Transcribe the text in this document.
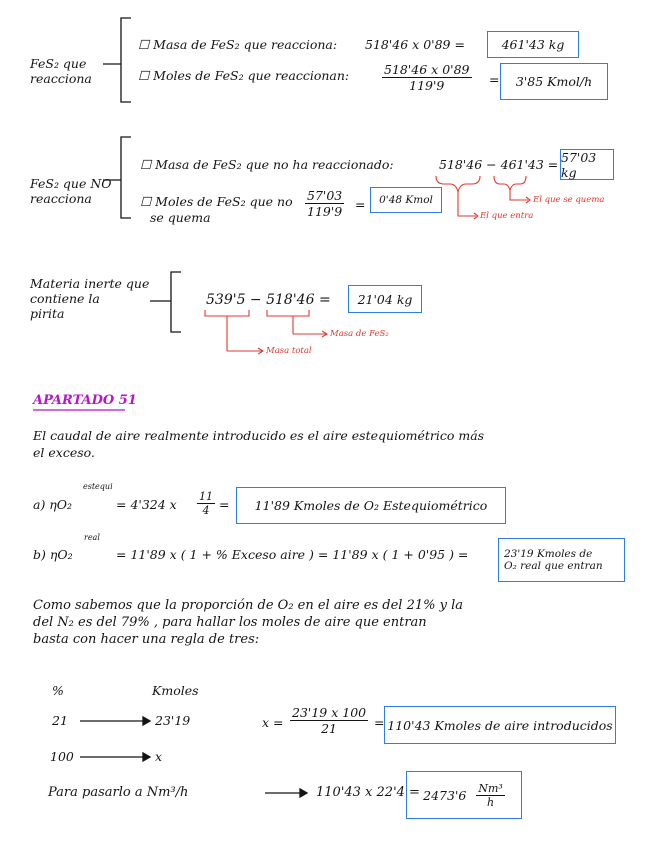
FeS₂ que
reacciona
☐ Masa de FeS₂ que reacciona: 518'46 x 0'89 =	461'43 kg
☐ Moles de FeS₂ que reaccionan:	$\frac{518'46 x 0'89}{119'9}$ =	3'85 Kmol/h
FeS₂ que NO
reacciona
☐ Masa de FeS₂ que no ha reaccionado:	518'46 − 461'43 = 57'03 kg
☐ Moles de FeS₂ que no
se quema	$\frac{57'03}{119'9}$ =	0'48 Kmol
El que entra
El que se quema
Materia inerte que
contiene la
pirita
539'5 − 518'46 =	21'04 kg
Masa total
Masa de FeS₂
APARTADO 51
El caudal de aire realmente introducido es el aire estequiométrico más
el exceso.
a) ηO₂
estequi
= 4'324 x $\frac{11}{4}$ =	11'89 Kmoles de O₂ Estequiométrico
b) ηO₂
real
= 11'89 x ( 1 + % Exceso aire ) = 11'89 x ( 1 + 0'95 ) =	23'19 Kmoles de
O₂ real que entran
Como sabemos que la proporción de O₂ en el aire es del 21% y la
del N₂ es del 79% , para hallar los moles de aire que entran
basta con hacer una regla de tres:
%	Kmoles
21	23'19
100	x
$x = \frac{23'19 x 100}{21} = 110'43$ Kmoles de aire introducidos
Para pasarlo a Nm³/h	110'43 x $22'4 = 2473'6 \frac{\text{Nm³}}{h}$
